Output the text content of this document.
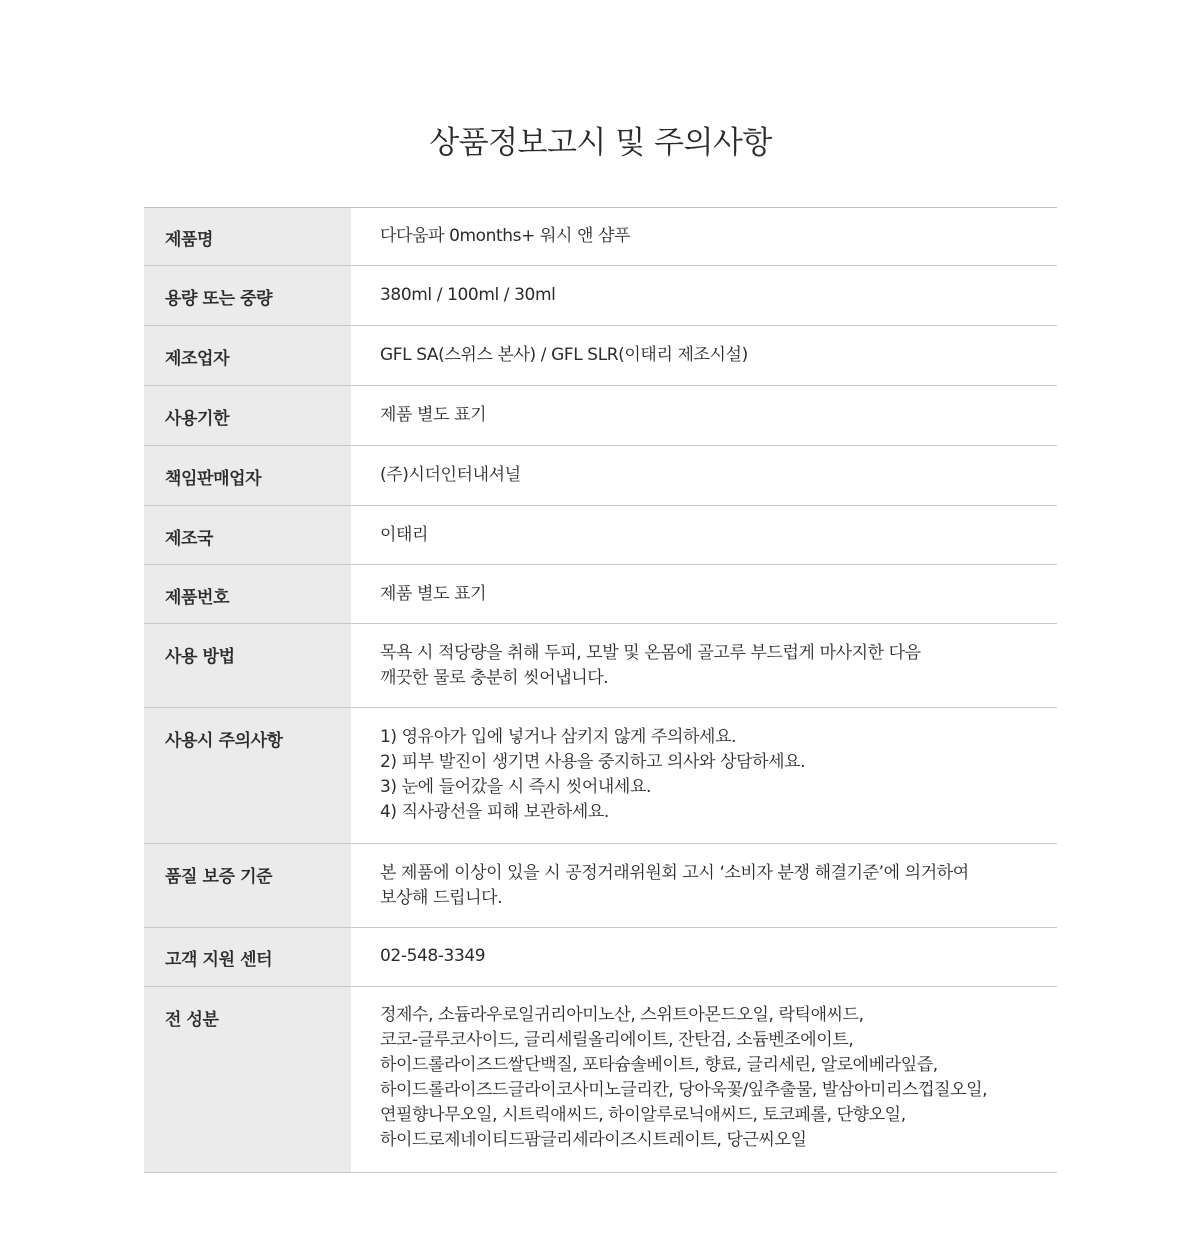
상품정보고시 및 주의사항
제품명	다다움파 0months+ 워시 앤 샴푸
용량 또는 중량	380ml / 100ml / 30ml
제조업자	GFL SA(스위스 본사) / GFL SLR(이태리 제조시설)
사용기한	제품 별도 표기
책임판매업자	(주)시더인터내셔널
제조국	이태리
제품번호	제품 별도 표기
사용 방법	목욕 시 적당량을 취해 두피, 모발 및 온몸에 골고루 부드럽게 마사지한 다음
깨끗한 물로 충분히 씻어냅니다.
사용시 주의사항	1) 영유아가 입에 넣거나 삼키지 않게 주의하세요.
2) 피부 발진이 생기면 사용을 중지하고 의사와 상담하세요.
3) 눈에 들어갔을 시 즉시 씻어내세요.
4) 직사광선을 피해 보관하세요.
품질 보증 기준	본 제품에 이상이 있을 시 공정거래위원회 고시 ‘소비자 분쟁 해결기준’에 의거하여
보상해 드립니다.
고객 지원 센터	02-548-3349
전 성분	정제수, 소듐라우로일귀리아미노산, 스위트아몬드오일, 락틱애씨드,
코코-글루코사이드, 글리세릴올리에이트, 잔탄검, 소듐벤조에이트,
하이드롤라이즈드쌀단백질, 포타슘솔베이트, 향료, 글리세린, 알로에베라잎즙,
하이드롤라이즈드글라이코사미노글리칸, 당아욱꽃/잎추출물, 발삼아미리스껍질오일,
연필향나무오일, 시트릭애씨드, 하이알루로닉애씨드, 토코페롤, 단향오일,
하이드로제네이티드팜글리세라이즈시트레이트, 당근씨오일
